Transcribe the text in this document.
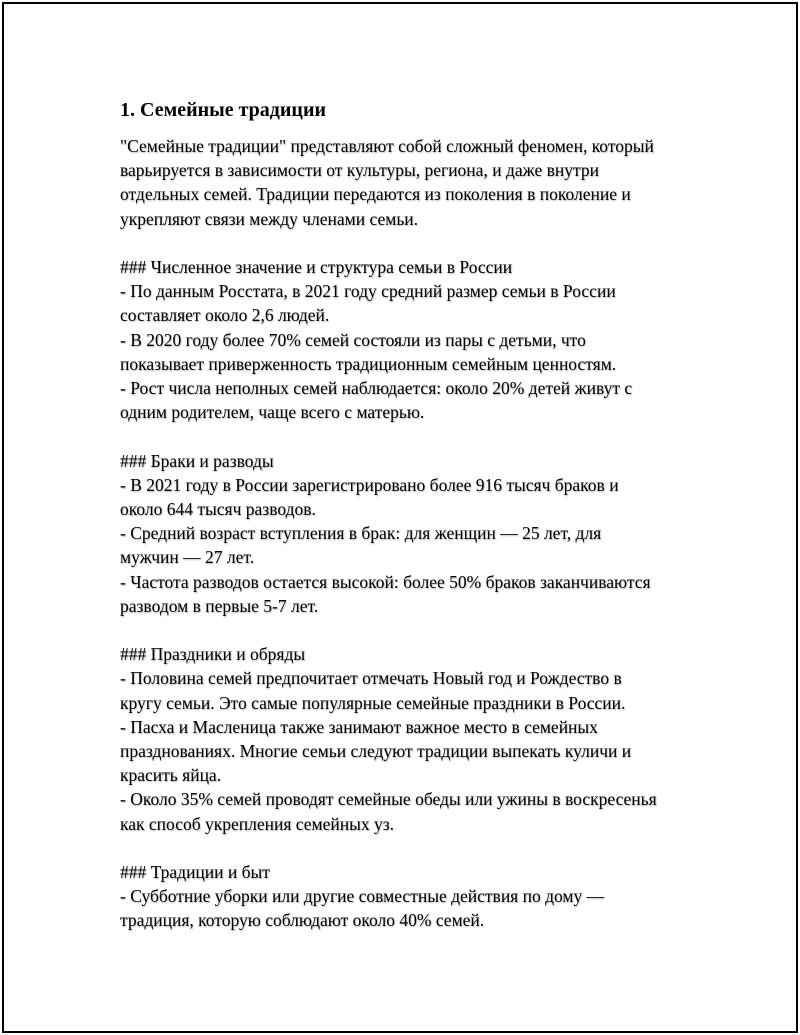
1. Семейные традиции
"Семейные традиции" представляют собой сложный феномен, который
варьируется в зависимости от культуры, региона, и даже внутри
отдельных семей. Традиции передаются из поколения в поколение и
укрепляют связи между членами семьи.
### Численное значение и структура семьи в России
- По данным Росстата, в 2021 году средний размер семьи в России
составляет около 2,6 людей.
- В 2020 году более 70% семей состояли из пары с детьми, что
показывает приверженность традиционным семейным ценностям.
- Рост числа неполных семей наблюдается: около 20% детей живут с
одним родителем, чаще всего с матерью.
### Браки и разводы
- В 2021 году в России зарегистрировано более 916 тысяч браков и
около 644 тысяч разводов.
- Средний возраст вступления в брак: для женщин — 25 лет, для
мужчин — 27 лет.
- Частота разводов остается высокой: более 50% браков заканчиваются
разводом в первые 5-7 лет.
### Праздники и обряды
- Половина семей предпочитает отмечать Новый год и Рождество в
кругу семьи. Это самые популярные семейные праздники в России.
- Пасха и Масленица также занимают важное место в семейных
празднованиях. Многие семьи следуют традиции выпекать куличи и
красить яйца.
- Около 35% семей проводят семейные обеды или ужины в воскресенья
как способ укрепления семейных уз.
### Традиции и быт
- Субботние уборки или другие совместные действия по дому —
традиция, которую соблюдают около 40% семей.
